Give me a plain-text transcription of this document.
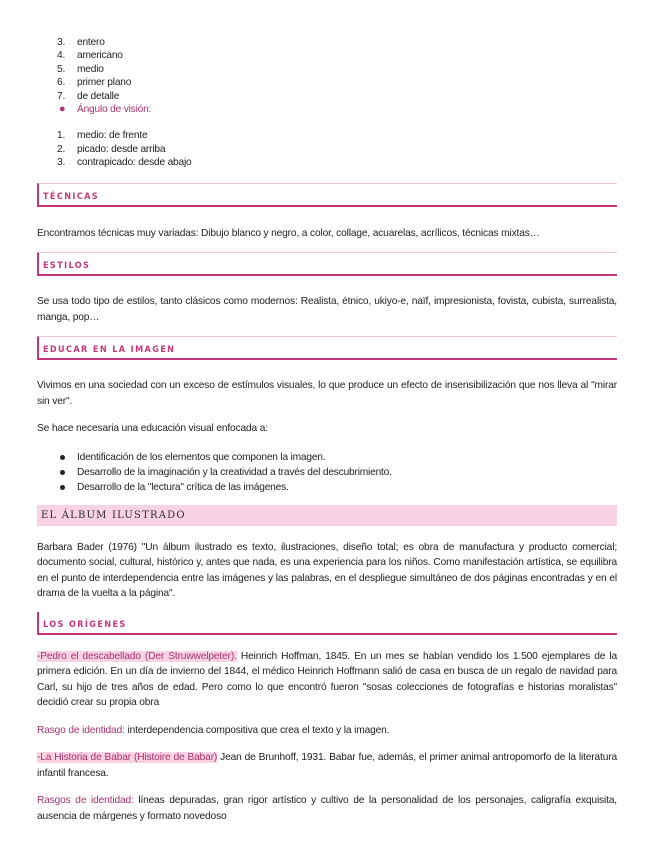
3. entero
4. americano
5. medio
6. primer plano
7. de detalle
● Ángulo de visión:
1. medio: de frente
2. picado: desde arriba
3. contrapicado: desde abajo
TÉCNICAS
Encontramos técnicas muy variadas: Dibujo blanco y negro, a color, collage, acuarelas, acrílicos, técnicas mixtas…
ESTILOS
Se usa todo tipo de estilos, tanto clásicos como modernos: Realista, étnico, ukiyo-e, naïf, impresionista, fovista, cubista, surrealista, manga, pop…
EDUCAR EN LA IMAGEN
Vivimos en una sociedad con un exceso de estímulos visuales, lo que produce un efecto de insensibilización que nos lleva al "mirar sin ver".
Se hace necesaria una educación visual enfocada a:
Identificación de los elementos que componen la imagen.
Desarrollo de la imaginación y la creatividad a través del descubrimiento.
Desarrollo de la "lectura" crítica de las imágenes.
EL ÁLBUM ILUSTRADO
Barbara Bader (1976) "Un álbum ilustrado es texto, ilustraciones, diseño total; es obra de manufactura y producto comercial; documento social, cultural, histórico y, antes que nada, es una experiencia para los niños. Como manifestación artística, se equilibra en el punto de interdependencia entre las imágenes y las palabras, en el despliegue simultáneo de dos páginas encontradas y en el drama de la vuelta a la página".
LOS ORÍGENES
-Pedro el descabellado (Der Struwwelpeter). Heinrich Hoffman, 1845. En un mes se habían vendido los 1.500 ejemplares de la primera edición. En un día de invierno del 1844, el médico Heinrich Hoffmann salió de casa en busca de un regalo de navidad para Carl, su hijo de tres años de edad. Pero como lo que encontró fueron "sosas colecciones de fotografías e historias moralistas" decidió crear su propia obra
Rasgo de identidad: interdependencia compositiva que crea el texto y la imagen.
-La Historia de Babar (Histoire de Babar) Jean de Brunhoff, 1931. Babar fue, además, el primer animal antropomorfo de la literatura infantil francesa.
Rasgos de identidad: líneas depuradas, gran rigor artístico y cultivo de la personalidad de los personajes, caligrafía exquisita, ausencia de márgenes y formato novedoso
